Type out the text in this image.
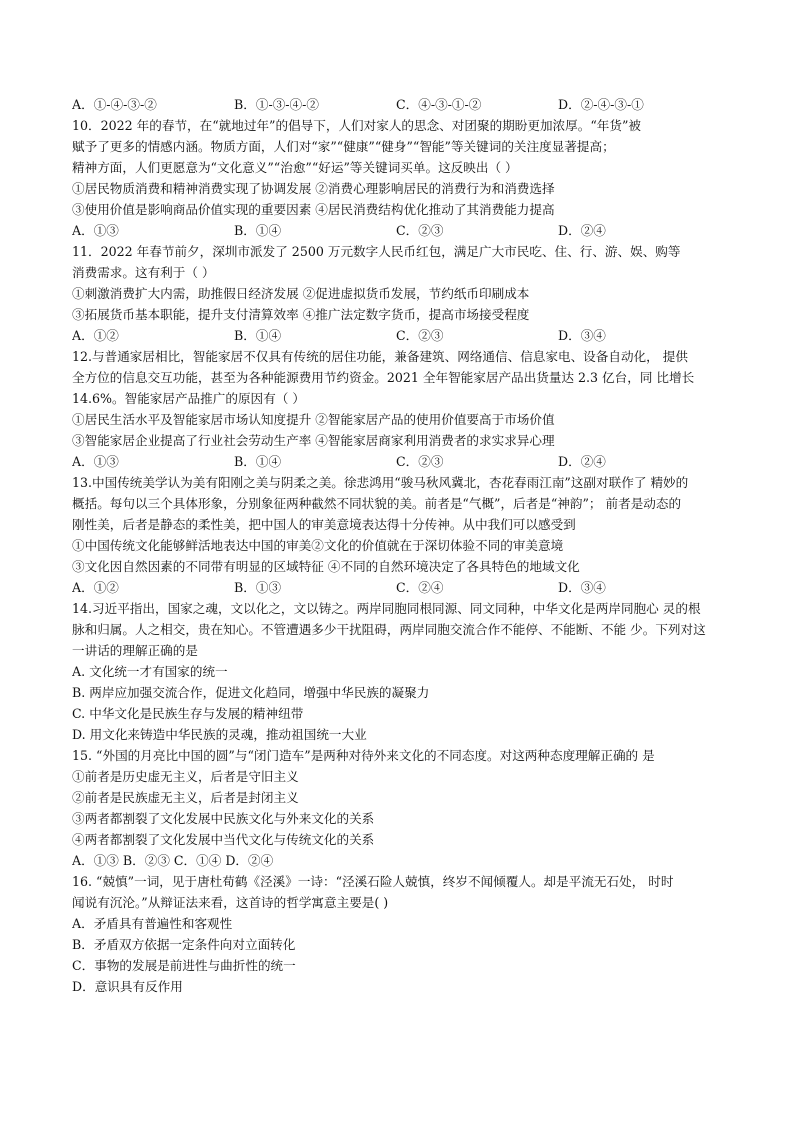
A．①-④-③-②	B．①-③-④-②	C．④-③-①-②	D．②-④-③-①
10．2022 年的春节，在“就地过年”的倡导下，人们对家人的思念、对团聚的期盼更加浓厚。“年货”被
赋予了更多的情感内涵。物质方面，人们对“家”“健康”“健身”“智能”等关键词的关注度显著提高；
精神方面，人们更愿意为“文化意义”“治愈”“好运”等关键词买单。这反映出（ ）
①居民物质消费和精神消费实现了协调发展 ②消费心理影响居民的消费行为和消费选择
③使用价值是影响商品价值实现的重要因素 ④居民消费结构优化推动了其消费能力提高
A．①③	B．①④	C．②③	D．②④
11．2022 年春节前夕，深圳市派发了 2500 万元数字人民币红包，满足广大市民吃、住、行、游、娱、购等
消费需求。这有利于（ ）
①刺激消费扩大内需，助推假日经济发展 ②促进虚拟货币发展，节约纸币印刷成本
③拓展货币基本职能，提升支付清算效率 ④推广法定数字货币，提高市场接受程度
A．①②	B．①④	C．②③	D．③④
12.与普通家居相比，智能家居不仅具有传统的居住功能，兼备建筑、网络通信、信息家电、设备自动化， 提供
全方位的信息交互功能，甚至为各种能源费用节约资金。2021 全年智能家居产品出货量达 2.3 亿台，同 比增长
14.6%。智能家居产品推广的原因有（ ）
①居民生活水平及智能家居市场认知度提升 ②智能家居产品的使用价值要高于市场价值
③智能家居企业提高了行业社会劳动生产率 ④智能家居商家利用消费者的求实求异心理
A．①③	B．①④	C．②③	D．②④
13.中国传统美学认为美有阳刚之美与阴柔之美。徐悲鸿用“骏马秋风冀北，杏花春雨江南”这副对联作了 精妙的
概括。每句以三个具体形象，分别象征两种截然不同状貌的美。前者是“气概”，后者是“神韵”； 前者是动态的
刚性美，后者是静态的柔性美，把中国人的审美意境表达得十分传神。从中我们可以感受到
①中国传统文化能够鲜活地表达中国的审美②文化的价值就在于深切体验不同的审美意境
③文化因自然因素的不同带有明显的区域特征 ④不同的自然环境决定了各具特色的地域文化
A．①②	B．①③	C．②④	D．③④
14.习近平指出，国家之魂，文以化之，文以铸之。两岸同胞同根同源、同文同种，中华文化是两岸同胞心 灵的根
脉和归属。人之相交，贵在知心。不管遭遇多少干扰阻碍，两岸同胞交流合作不能停、不能断、不能 少。下列对这
一讲话的理解正确的是
A. 文化统一才有国家的统一
B. 两岸应加强交流合作，促进文化趋同，增强中华民族的凝聚力
C. 中华文化是民族生存与发展的精神纽带
D. 用文化来铸造中华民族的灵魂，推动祖国统一大业
15. “外国的月亮比中国的圆”与“闭门造车”是两种对待外来文化的不同态度。对这两种态度理解正确的 是
①前者是历史虚无主义，后者是守旧主义
②前者是民族虚无主义，后者是封闭主义
③两者都割裂了文化发展中民族文化与外来文化的关系
④两者都割裂了文化发展中当代文化与传统文化的关系
A．①③ B．②③ C．①④ D．②④
16. “兢慎”一词，见于唐杜荀鹤《泾溪》一诗：“泾溪石险人兢慎，终岁不闻倾覆人。却是平流无石处， 时时
闻说有沉沦。”从辩证法来看，这首诗的哲学寓意主要是( )
A．矛盾具有普遍性和客观性
B．矛盾双方依据一定条件向对立面转化
C．事物的发展是前进性与曲折性的统一
D．意识具有反作用
